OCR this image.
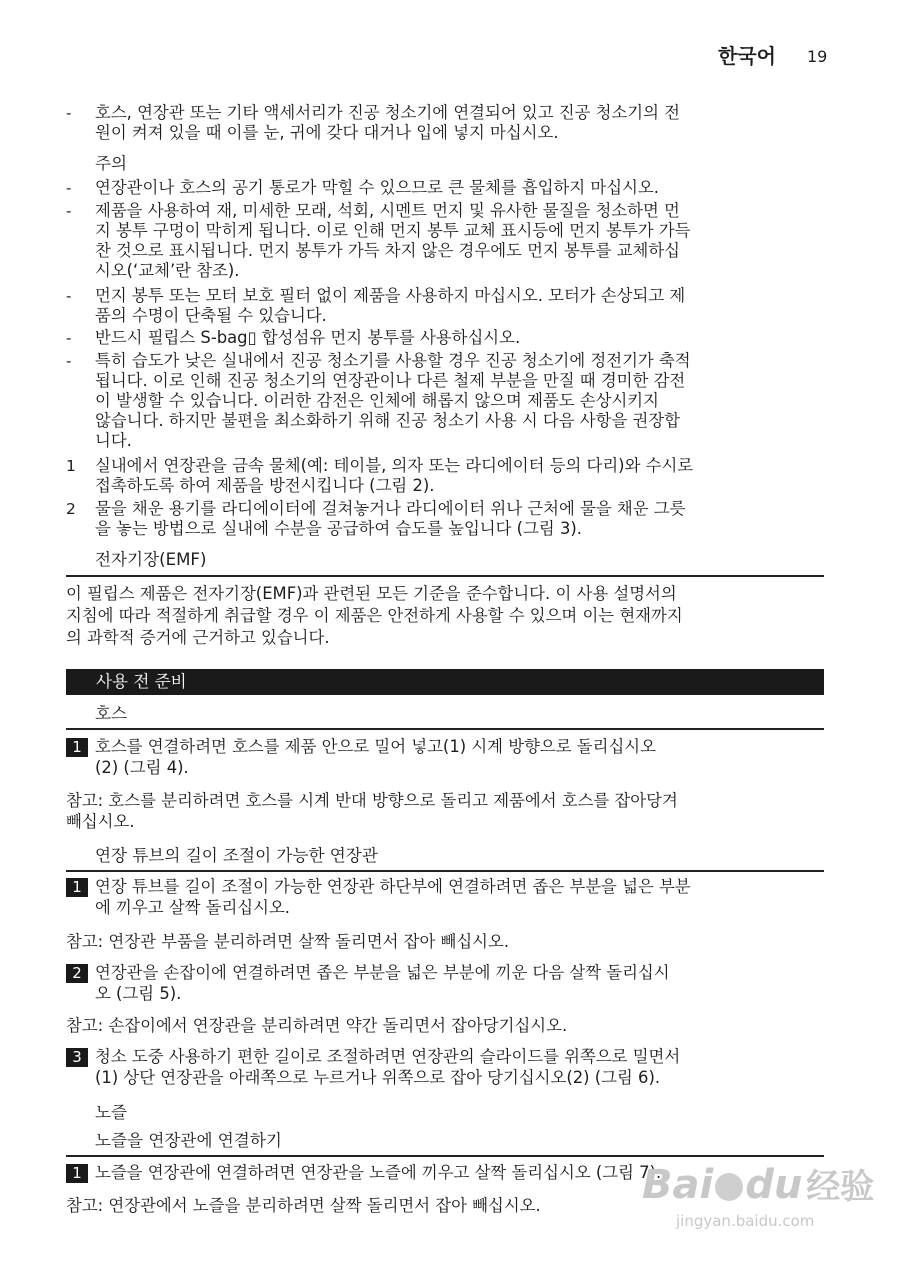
한국어 19
- 호스, 연장관 또는 기타 액세서리가 진공 청소기에 연결되어 있고 진공 청소기의 전
원이 켜져 있을 때 이를 눈, 귀에 갖다 대거나 입에 넣지 마십시오.
주의
- 연장관이나 호스의 공기 통로가 막힐 수 있으므로 큰 물체를 흡입하지 마십시오.
- 제품을 사용하여 재, 미세한 모래, 석회, 시멘트 먼지 및 유사한 물질을 청소하면 먼
지 봉투 구멍이 막히게 됩니다. 이로 인해 먼지 봉투 교체 표시등에 먼지 봉투가 가득
찬 것으로 표시됩니다. 먼지 봉투가 가득 차지 않은 경우에도 먼지 봉투를 교체하십
시오(‘교체’란 참조).
- 먼지 봉투 또는 모터 보호 필터 없이 제품을 사용하지 마십시오. 모터가 손상되고 제
품의 수명이 단축될 수 있습니다.
- 반드시 필립스 S-bag▯ 합성섬유 먼지 봉투를 사용하십시오.
- 특히 습도가 낮은 실내에서 진공 청소기를 사용할 경우 진공 청소기에 정전기가 축적
됩니다. 이로 인해 진공 청소기의 연장관이나 다른 철제 부분을 만질 때 경미한 감전
이 발생할 수 있습니다. 이러한 감전은 인체에 해롭지 않으며 제품도 손상시키지
않습니다. 하지만 불편을 최소화하기 위해 진공 청소기 사용 시 다음 사항을 권장합
니다.
1 실내에서 연장관을 금속 물체(예: 테이블, 의자 또는 라디에이터 등의 다리)와 수시로
접촉하도록 하여 제품을 방전시킵니다 (그림 2).
2 물을 채운 용기를 라디에이터에 걸쳐놓거나 라디에이터 위나 근처에 물을 채운 그릇
을 놓는 방법으로 실내에 수분을 공급하여 습도를 높입니다 (그림 3).
전자기장(EMF)
이 필립스 제품은 전자기장(EMF)과 관련된 모든 기준을 준수합니다. 이 사용 설명서의
지침에 따라 적절하게 취급할 경우 이 제품은 안전하게 사용할 수 있으며 이는 현재까지
의 과학적 증거에 근거하고 있습니다.
사용 전 준비
호스
1 호스를 연결하려면 호스를 제품 안으로 밀어 넣고(1) 시계 방향으로 돌리십시오
(2) (그림 4).
참고: 호스를 분리하려면 호스를 시계 반대 방향으로 돌리고 제품에서 호스를 잡아당겨
빼십시오.
연장 튜브의 길이 조절이 가능한 연장관
1 연장 튜브를 길이 조절이 가능한 연장관 하단부에 연결하려면 좁은 부분을 넓은 부분
에 끼우고 살짝 돌리십시오.
참고: 연장관 부품을 분리하려면 살짝 돌리면서 잡아 빼십시오.
2 연장관을 손잡이에 연결하려면 좁은 부분을 넓은 부분에 끼운 다음 살짝 돌리십시
오 (그림 5).
참고: 손잡이에서 연장관을 분리하려면 약간 돌리면서 잡아당기십시오.
3 청소 도중 사용하기 편한 길이로 조절하려면 연장관의 슬라이드를 위쪽으로 밀면서
(1) 상단 연장관을 아래쪽으로 누르거나 위쪽으로 잡아 당기십시오(2) (그림 6).
노즐
노즐을 연장관에 연결하기
1 노즐을 연장관에 연결하려면 연장관을 노즐에 끼우고 살짝 돌리십시오 (그림 7).
참고: 연장관에서 노즐을 분리하려면 살짝 돌리면서 잡아 빼십시오.	Bai du 经验
jingyan.baidu.com
